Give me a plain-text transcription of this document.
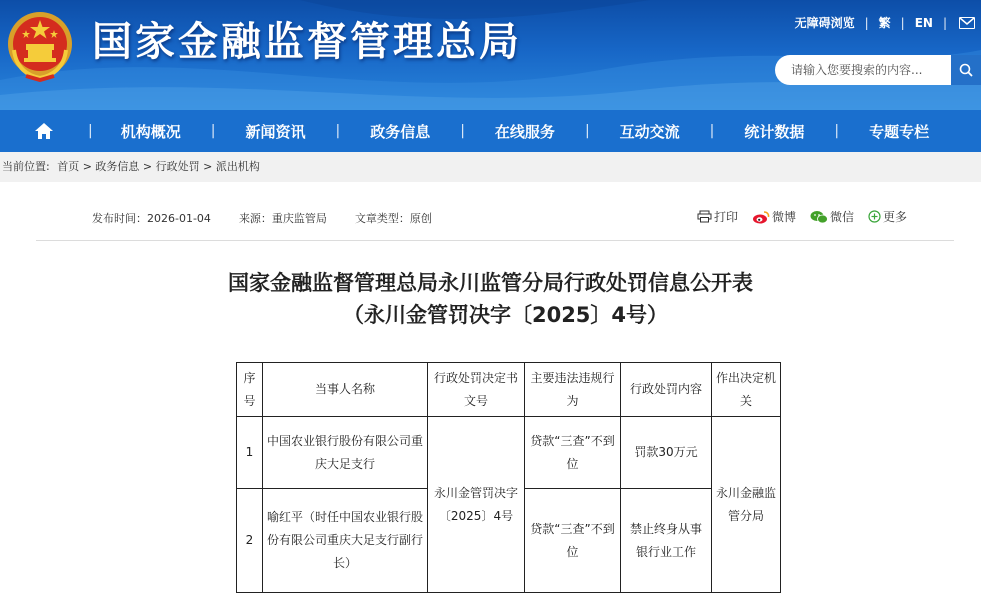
国家金融监督管理总局	无障碍浏览 | 繁 | EN |
请输入您要搜索的内容...
| 机构概况 | 新闻资讯 | 政务信息 | 在线服务 | 互动交流 | 统计数据 | 专题专栏
当前位置: 首页 > 政务信息 > 行政处罚 > 派出机构
发布时间：2026-01-04	来源：重庆监管局	文章类型：原创	打印	微博	微信 更多
国家金融监督管理总局永川监管分局行政处罚信息公开表
（永川金管罚决字〔2025〕4号）
序号	当事人名称	行政处罚决定书文号	主要违法违规行为	行政处罚内容	作出决定机关
1	中国农业银行股份有限公司重庆大足支行	永川金管罚决字〔2025〕4号	贷款“三查”不到位	罚款30万元	永川金融监管分局
2	喻红平（时任中国农业银行股份有限公司重庆大足支行副行长）		贷款“三查”不到位	禁止终身从事银行业工作	
